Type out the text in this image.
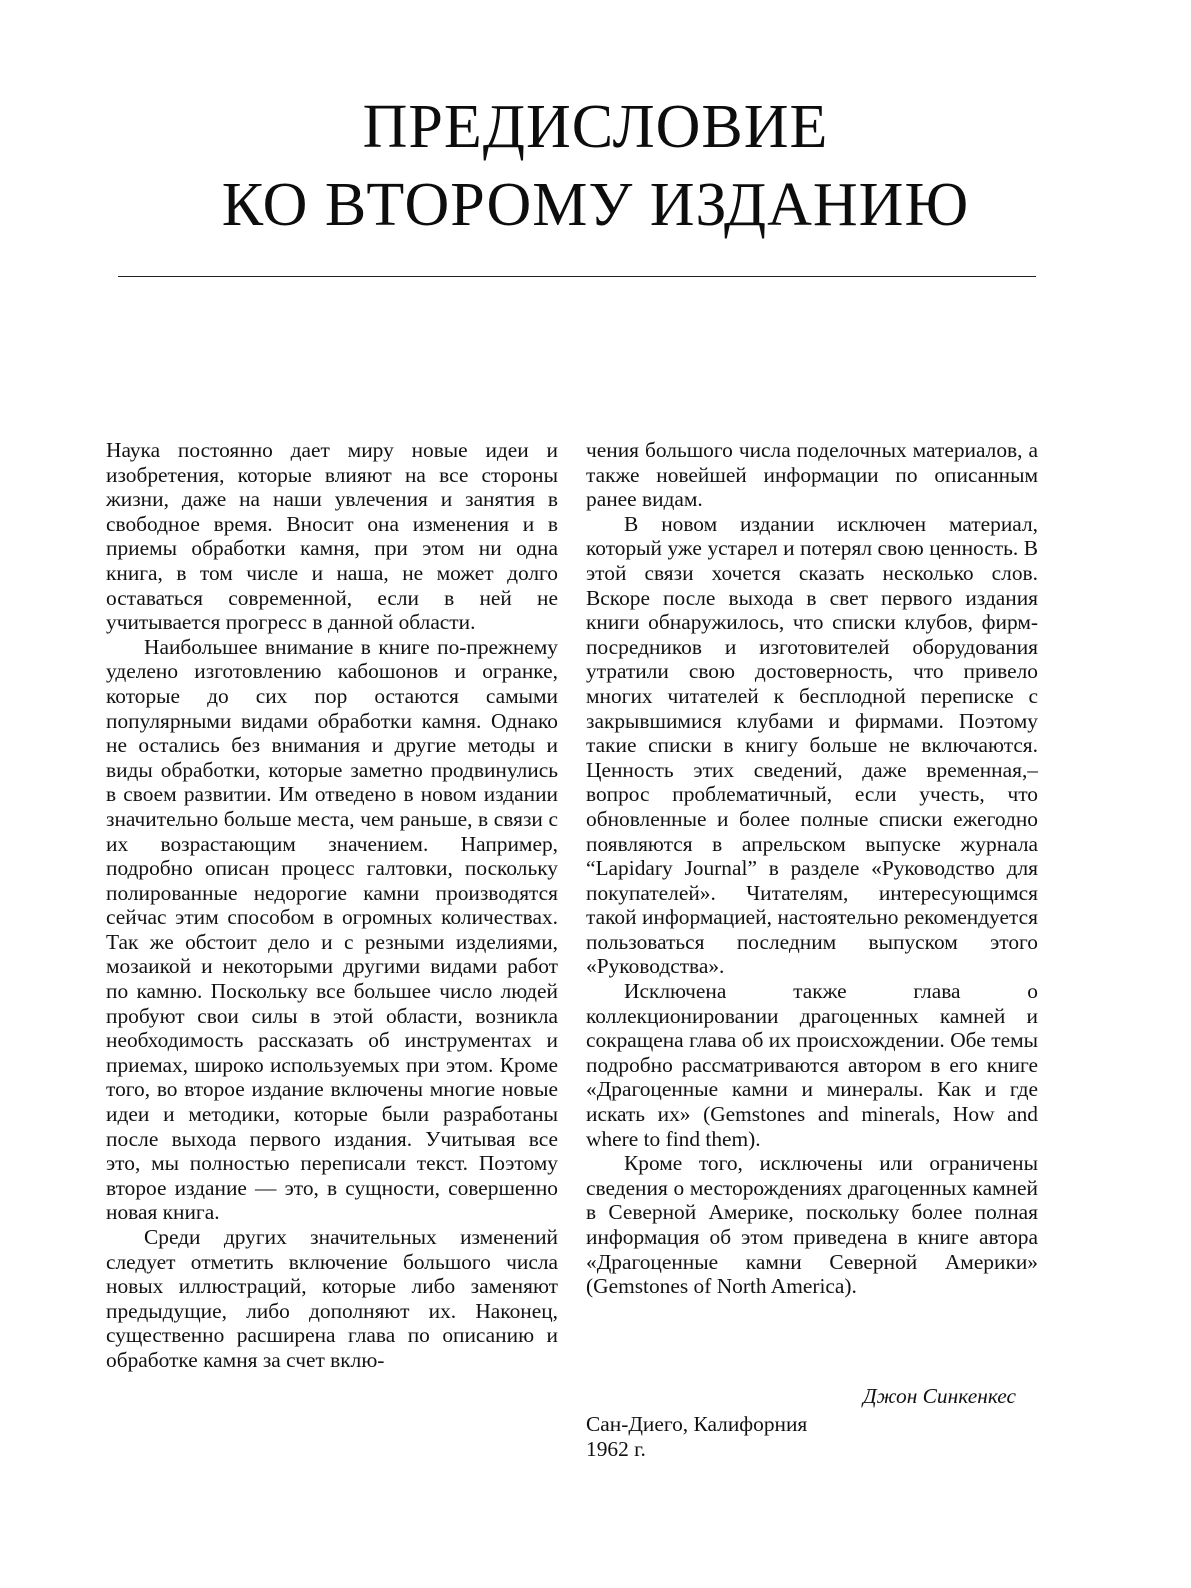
ПРЕДИСЛОВИЕ
КО ВТОРОМУ ИЗДАНИЮ

Наука постоянно дает миру новые идеи и изобретения, которые влияют на все стороны жизни, даже на наши увлечения и занятия в свободное время. Вносит она изменения и в приемы обработки камня, при этом ни одна книга, в том числе и наша, не может долго оставаться современной, если в ней не учитывается прогресс в данной области.

Наибольшее внимание в книге по-прежнему уделено изготовлению кабошонов и огранке, которые до сих пор остаются самыми популярными видами обработки камня. Однако не остались без внимания и другие методы и виды обработки, которые заметно продвинулись в своем развитии. Им отведено в новом издании значительно больше места, чем раньше, в связи с их возрастающим значением. Например, подробно описан процесс галтовки, поскольку полированные недорогие камни производятся сейчас этим способом в огромных количествах. Так же обстоит дело и с резными изделиями, мозаикой и некоторыми другими видами работ по камню. Поскольку все большее число людей пробуют свои силы в этой области, возникла необходимость рассказать об инструментах и приемах, широко используемых при этом. Кроме того, во второе издание включены многие новые идеи и методики, которые были разработаны после выхода первого издания. Учитывая все это, мы полностью переписали текст. Поэтому второе издание — это, в сущности, совершенно новая книга.

Среди других значительных изменений следует отметить включение большого числа новых иллюстраций, которые либо заменяют предыдущие, либо дополняют их. Наконец, существенно расширена глава по описанию и обработке камня за счет вклю-

чения большого числа поделочных материалов, а также новейшей информации по описанным ранее видам.

В новом издании исключен материал, который уже устарел и потерял свою ценность. В этой связи хочется сказать несколько слов. Вскоре после выхода в свет первого издания книги обнаружилось, что списки клубов, фирм-посредников и изготовителей оборудования утратили свою достоверность, что привело многих читателей к бесплодной переписке с закрывшимися клубами и фирмами. Поэтому такие списки в книгу больше не включаются. Ценность этих сведений, даже временная,– вопрос проблематичный, если учесть, что обновленные и более полные списки ежегодно появляются в апрельском выпуске журнала “Lapidary Journal” в разделе «Руководство для покупателей». Читателям, интересующимся такой информацией, настоятельно рекомендуется пользоваться последним выпуском этого «Руководства».

Исключена также глава о коллекционировании драгоценных камней и сокращена глава об их происхождении. Обе темы подробно рассматриваются автором в его книге «Драгоценные камни и минералы. Как и где искать их» (Gemstones and minerals, How and where to find them).

Кроме того, исключены или ограничены сведения о месторождениях драгоценных камней в Северной Америке, поскольку более полная информация об этом приведена в книге автора «Драгоценные камни Северной Америки» (Gemstones of North America).

Джон Синкенкес
Сан-Диего, Калифорния
1962 г.
